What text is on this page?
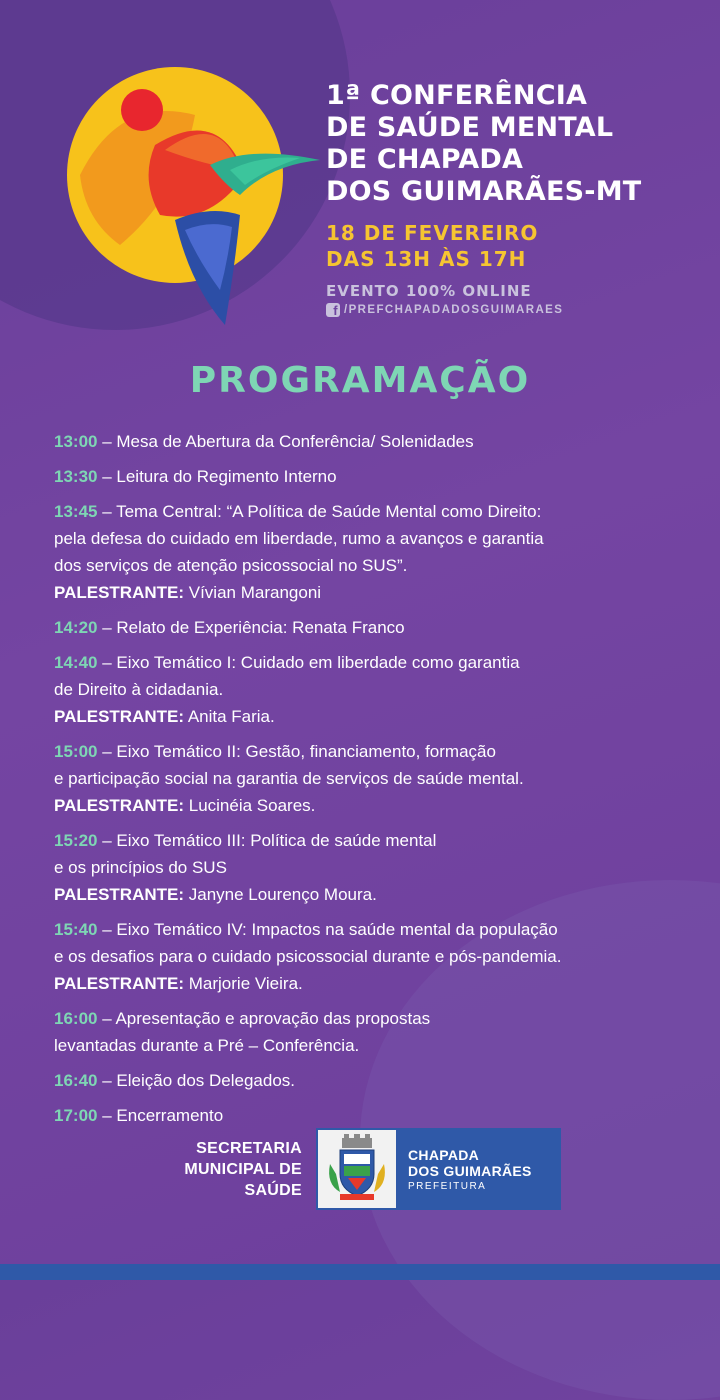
1ª CONFERÊNCIA
DE SAÚDE MENTAL
DE CHAPADA
DOS GUIMARÃES-MT
18 DE FEVEREIRO
DAS 13H ÀS 17H
EVENTO 100% ONLINE
f /PREFCHAPADADOSGUIMARAES
PROGRAMAÇÃO
13:00 – Mesa de Abertura da Conferência/ Solenidades
13:30 – Leitura do Regimento Interno
13:45 – Tema Central: “A Política de Saúde Mental como Direito:
pela defesa do cuidado em liberdade, rumo a avanços e garantia
dos serviços de atenção psicossocial no SUS”.
PALESTRANTE: Vívian Marangoni
14:20 – Relato de Experiência: Renata Franco
14:40 – Eixo Temático I: Cuidado em liberdade como garantia
de Direito à cidadania.
PALESTRANTE: Anita Faria.
15:00 – Eixo Temático II: Gestão, financiamento, formação
e participação social na garantia de serviços de saúde mental.
PALESTRANTE: Lucinéia Soares.
15:20 – Eixo Temático III: Política de saúde mental
e os princípios do SUS
PALESTRANTE: Janyne Lourenço Moura.
15:40 – Eixo Temático IV: Impactos na saúde mental da população
e os desafios para o cuidado psicossocial durante e pós-pandemia.
PALESTRANTE: Marjorie Vieira.
16:00 – Apresentação e aprovação das propostas
levantadas durante a Pré – Conferência.
16:40 – Eleição dos Delegados.
17:00 – Encerramento
SECRETARIA
MUNICIPAL DE
SAÚDE
CHAPADA
DOS GUIMARÃES
PREFEITURA
